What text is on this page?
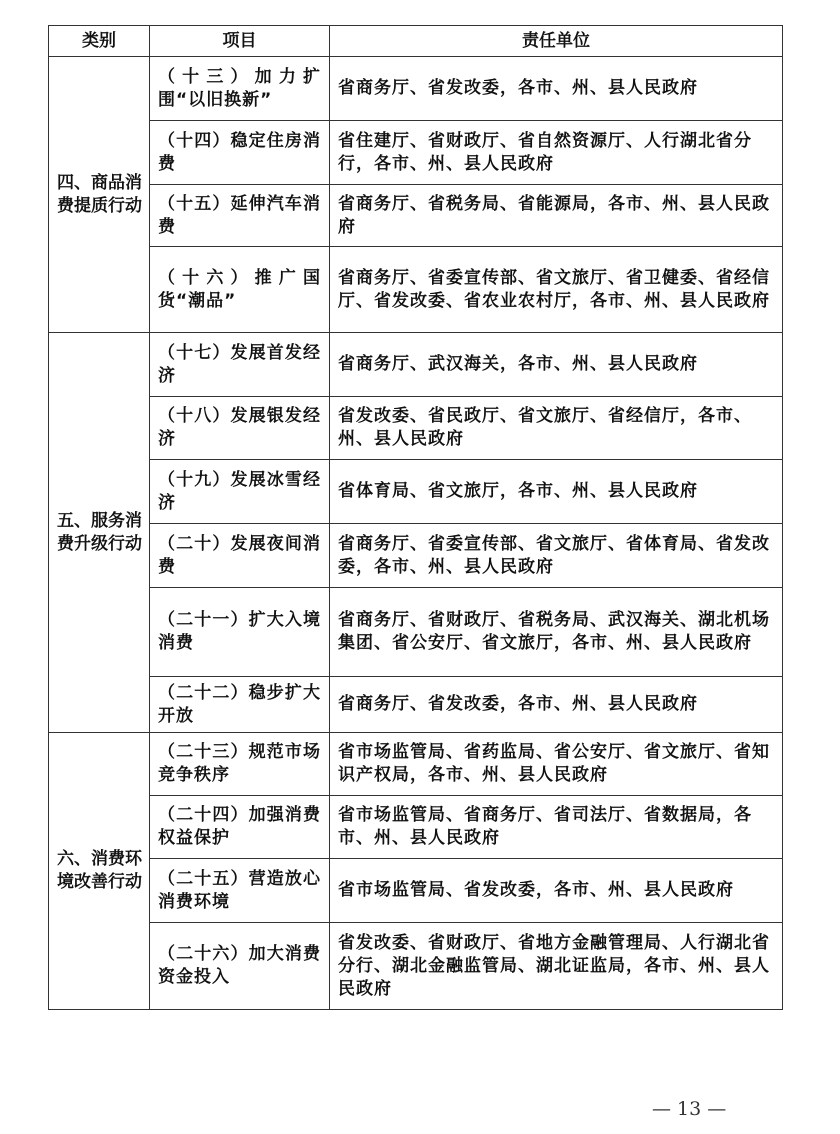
类别	项目	责任单位
四、商品消费提质行动	（十三）加力扩围“以旧换新”	省商务厅、省发改委，各市、州、县人民政府
	（十四）稳定住房消费	省住建厅、省财政厅、省自然资源厅、人行湖北省分行，各市、州、县人民政府
	（十五）延伸汽车消费	省商务厅、省税务局、省能源局，各市、州、县人民政府
	（十六）推广国货“潮品”	省商务厅、省委宣传部、省文旅厅、省卫健委、省经信厅、省发改委、省农业农村厅，各市、州、县人民政府
五、服务消费升级行动	（十七）发展首发经济	省商务厅、武汉海关，各市、州、县人民政府
	（十八）发展银发经济	省发改委、省民政厅、省文旅厅、省经信厅，各市、州、县人民政府
	（十九）发展冰雪经济	省体育局、省文旅厅，各市、州、县人民政府
	（二十）发展夜间消费	省商务厅、省委宣传部、省文旅厅、省体育局、省发改委，各市、州、县人民政府
	（二十一）扩大入境消费	省商务厅、省财政厅、省税务局、武汉海关、湖北机场集团、省公安厅、省文旅厅，各市、州、县人民政府
	（二十二）稳步扩大开放	省商务厅、省发改委，各市、州、县人民政府
六、消费环境改善行动	（二十三）规范市场竞争秩序	省市场监管局、省药监局、省公安厅、省文旅厅、省知识产权局，各市、州、县人民政府
	（二十四）加强消费权益保护	省市场监管局、省商务厅、省司法厅、省数据局，各市、州、县人民政府
	（二十五）营造放心消费环境	省市场监管局、省发改委，各市、州、县人民政府
	（二十六）加大消费资金投入	省发改委、省财政厅、省地方金融管理局、人行湖北省分行、湖北金融监管局、湖北证监局，各市、州、县人民政府
— 13 —
